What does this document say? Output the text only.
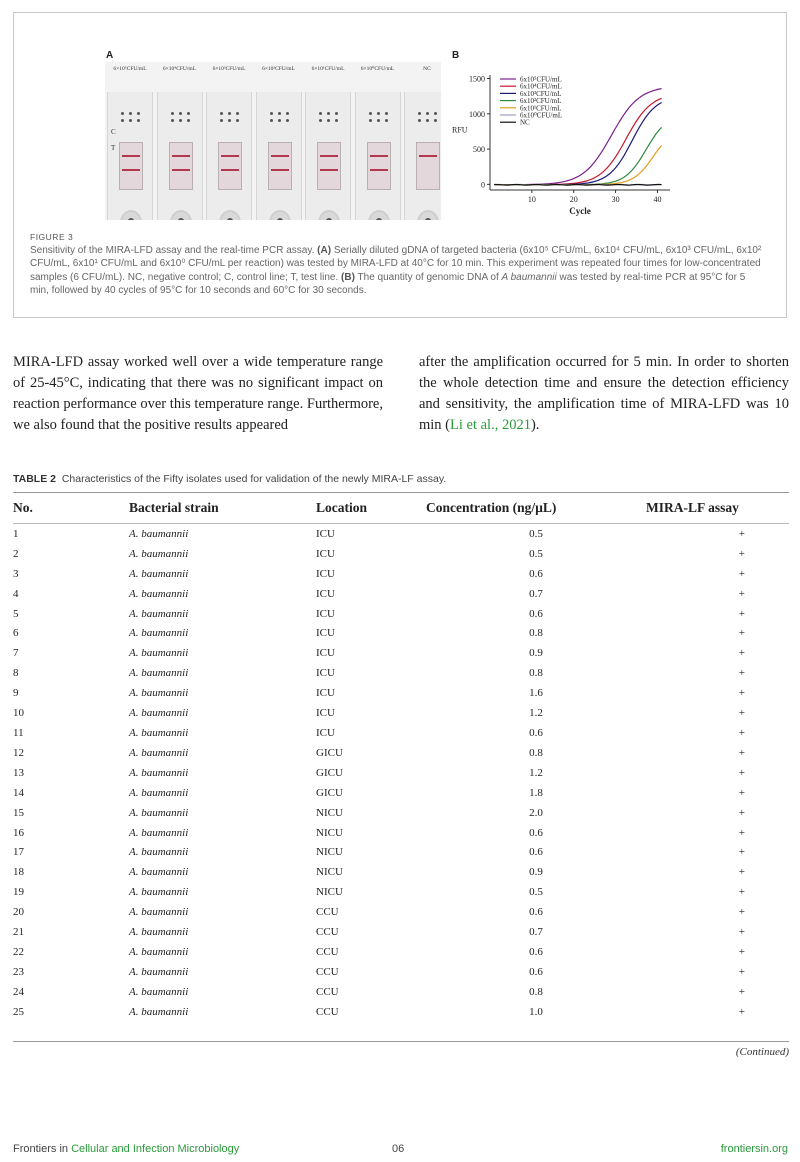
A	B
6×10⁵CFU/mL	6×10⁴CFU/mL	6×10³CFU/mL	6×10²CFU/mL	6×10¹CFU/mL	6×10⁰CFU/mL	NC
C
T
10	20	30	40
0
500
1000
1500
Cycle
RFU
6x10⁵CFU/mL
6x10⁴CFU/mL
6x10³CFU/mL
6x10²CFU/mL
6x10¹CFU/mL
6x10⁰CFU/mL
NC
FIGURE 3
Sensitivity of the MIRA-LFD assay and the real-time PCR assay. (A) Serially diluted gDNA of targeted bacteria (6x10⁵ CFU/mL, 6x10⁴ CFU/mL, 6x10³ CFU/mL, 6x10² CFU/mL, 6x10¹ CFU/mL and 6x10⁰ CFU/mL per reaction) was tested by MIRA-LFD at 40°C for 10 min. This experiment was repeated four times for low-concentrated samples (6 CFU/mL). NC, negative control; C, control line; T, test line. (B) The quantity of genomic DNA of A baumannii was tested by real-time PCR at 95°C for 5 min, followed by 40 cycles of 95°C for 10 seconds and 60°C for 30 seconds.
MIRA-LFD assay worked well over a wide temperature range of 25-45°C, indicating that there was no significant impact on reaction performance over this temperature range. Furthermore, we also found that the positive results appeared
after the amplification occurred for 5 min. In order to shorten the whole detection time and ensure the detection efficiency and sensitivity, the amplification time of MIRA-LFD was 10 min (Li et al., 2021).
TABLE 2 Characteristics of the Fifty isolates used for validation of the newly MIRA-LF assay.
No.	Bacterial strain	Location	Concentration (ng/µL)	MIRA-LF assay
1	A. baumannii	ICU	0.5	+
2	A. baumannii	ICU	0.5	+
3	A. baumannii	ICU	0.6	+
4	A. baumannii	ICU	0.7	+
5	A. baumannii	ICU	0.6	+
6	A. baumannii	ICU	0.8	+
7	A. baumannii	ICU	0.9	+
8	A. baumannii	ICU	0.8	+
9	A. baumannii	ICU	1.6	+
10	A. baumannii	ICU	1.2	+
11	A. baumannii	ICU	0.6	+
12	A. baumannii	GICU	0.8	+
13	A. baumannii	GICU	1.2	+
14	A. baumannii	GICU	1.8	+
15	A. baumannii	NICU	2.0	+
16	A. baumannii	NICU	0.6	+
17	A. baumannii	NICU	0.6	+
18	A. baumannii	NICU	0.9	+
19	A. baumannii	NICU	0.5	+
20	A. baumannii	CCU	0.6	+
21	A. baumannii	CCU	0.7	+
22	A. baumannii	CCU	0.6	+
23	A. baumannii	CCU	0.6	+
24	A. baumannii	CCU	0.8	+
25	A. baumannii	CCU	1.0	+
(Continued)
Frontiers in Cellular and Infection Microbiology	06	frontiersin.org
